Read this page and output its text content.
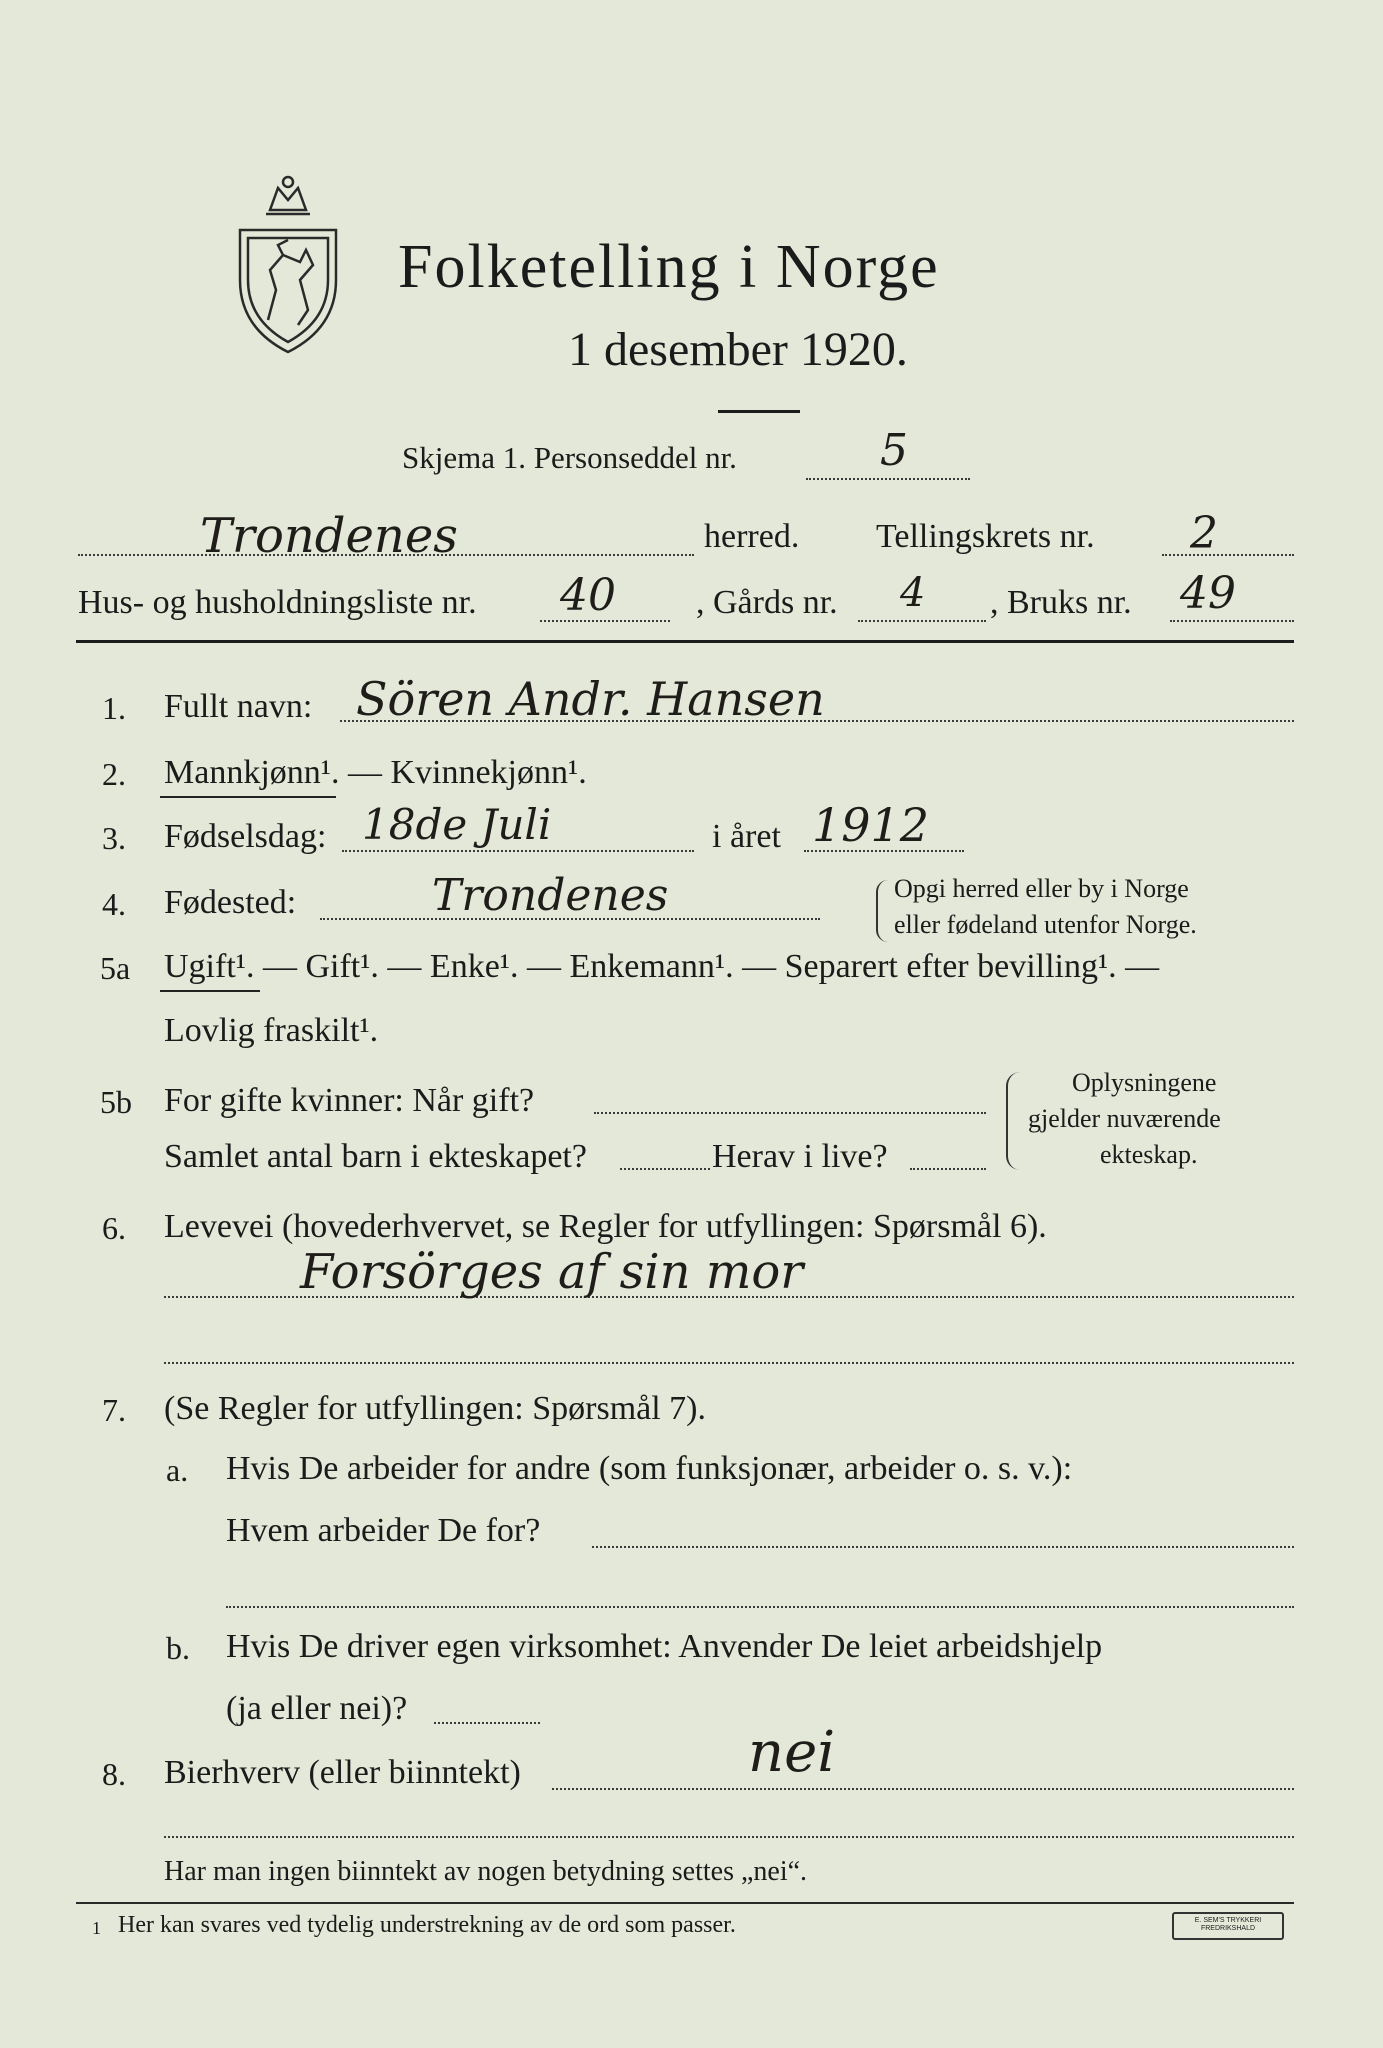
Folketelling i Norge
1 desember 1920.
Skjema 1. Personseddel nr.	5
Trondenes	herred. Tellingskrets nr. 2
Hus- og husholdningsliste nr. 40 , Gårds nr. 4 , Bruks nr. 49
1. Fullt navn: Sören Andr. Hansen
2. Mannkjønn¹. — Kvinnekjønn¹.
3. Fødselsdag: 18de Juli	i året 1912
4. Fødested:	Trondenes	Opgi herred eller by i Norge
eller fødeland utenfor Norge.
5a Ugift¹. — Gift¹. — Enke¹. — Enkemann¹. — Separert efter bevilling¹. —
Lovlig fraskilt¹.
5b For gifte kvinner: Når gift?
Samlet antal barn i ekteskapet?	Herav i live?
Oplysningene
gjelder nuværende
ekteskap.
6. Levevei (hovederhvervet, se Regler for utfyllingen: Spørsmål 6).
Forsörges af sin mor
7. (Se Regler for utfyllingen: Spørsmål 7).
a. Hvis De arbeider for andre (som funksjonær, arbeider o. s. v.):
Hvem arbeider De for?
b. Hvis De driver egen virksomhet: Anvender De leiet arbeidshjelp
(ja eller nei)?
8. Bierhverv (eller biinntekt)	nei
Har man ingen biinntekt av nogen betydning settes „nei“.
1 Her kan svares ved tydelig understrekning av de ord som passer.	E. SEM'S TRYKKERI FREDRIKSHALD
